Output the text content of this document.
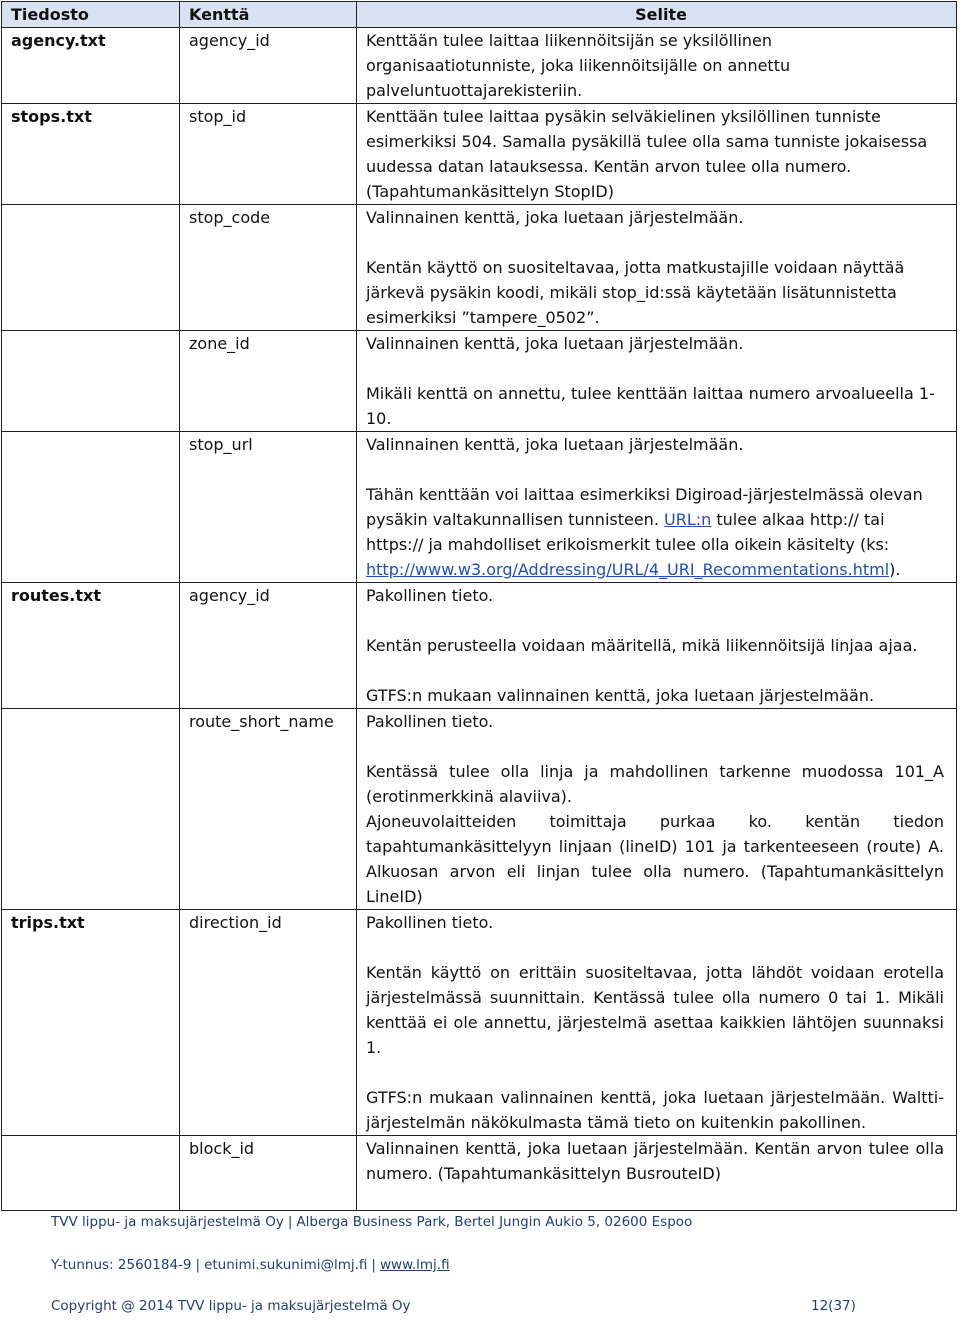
Tiedosto	Kenttä	Selite
agency.txt	agency_id	Kenttään tulee laittaa liikennöitsijän se yksilöllinen organisaatiotunniste, joka liikennöitsijälle on annettu palveluntuottajarekisteriin.

stops.txt	stop_id	Kenttään tulee laittaa pysäkin selväkielinen yksilöllinen tunniste esimerkiksi 504. Samalla pysäkillä tulee olla sama tunniste jokaisessa uudessa datan latauksessa. Kentän arvon tulee olla numero. (Tapahtumankäsittelyn StopID)

	stop_code	Valinnainen kenttä, joka luetaan järjestelmään.

Kentän käyttö on suositeltavaa, jotta matkustajille voidaan näyttää järkevä pysäkin koodi, mikäli stop_id:ssä käytetään lisätunnistetta esimerkiksi ”tampere_0502”.

	zone_id	Valinnainen kenttä, joka luetaan järjestelmään.

Mikäli kenttä on annettu, tulee kenttään laittaa numero arvoalueella 1-10.

	stop_url	Valinnainen kenttä, joka luetaan järjestelmään.

Tähän kenttään voi laittaa esimerkiksi Digiroad-järjestelmässä olevan pysäkin valtakunnallisen tunnisteen. URL:n tulee alkaa http:// tai https:// ja mahdolliset erikoismerkit tulee olla oikein käsitelty (ks: http://www.w3.org/Addressing/URL/4_URI_Recommentations.html).

routes.txt	agency_id	Pakollinen tieto.

Kentän perusteella voidaan määritellä, mikä liikennöitsijä linjaa ajaa.

GTFS:n mukaan valinnainen kenttä, joka luetaan järjestelmään.

	route_short_name	Pakollinen tieto.

Kentässä tulee olla linja ja mahdollinen tarkenne muodossa 101_A (erotinmerkkinä alaviiva).

Ajoneuvolaitteiden toimittaja purkaa ko. kentän tiedon tapahtumankäsittelyyn linjaan (lineID) 101 ja tarkenteeseen (route) A. Alkuosan arvon eli linjan tulee olla numero. (Tapahtumankäsittelyn LineID)

trips.txt	direction_id	Pakollinen tieto.

Kentän käyttö on erittäin suositeltavaa, jotta lähdöt voidaan erotella järjestelmässä suunnittain. Kentässä tulee olla numero 0 tai 1. Mikäli kenttää ei ole annettu, järjestelmä asettaa kaikkien lähtöjen suunnaksi 1.

GTFS:n mukaan valinnainen kenttä, joka luetaan järjestelmään. Waltti-järjestelmän näkökulmasta tämä tieto on kuitenkin pakollinen.

	block_id	Valinnainen kenttä, joka luetaan järjestelmään. Kentän arvon tulee olla numero. (Tapahtumankäsittelyn BusrouteID)

TVV lippu- ja maksujärjestelmä Oy | Alberga Business Park, Bertel Jungin Aukio 5, 02600 Espoo
Y-tunnus: 2560184-9 | etunimi.sukunimi@lmj.fi | www.lmj.fi
Copyright @ 2014 TVV lippu- ja maksujärjestelmä Oy	12(37)
